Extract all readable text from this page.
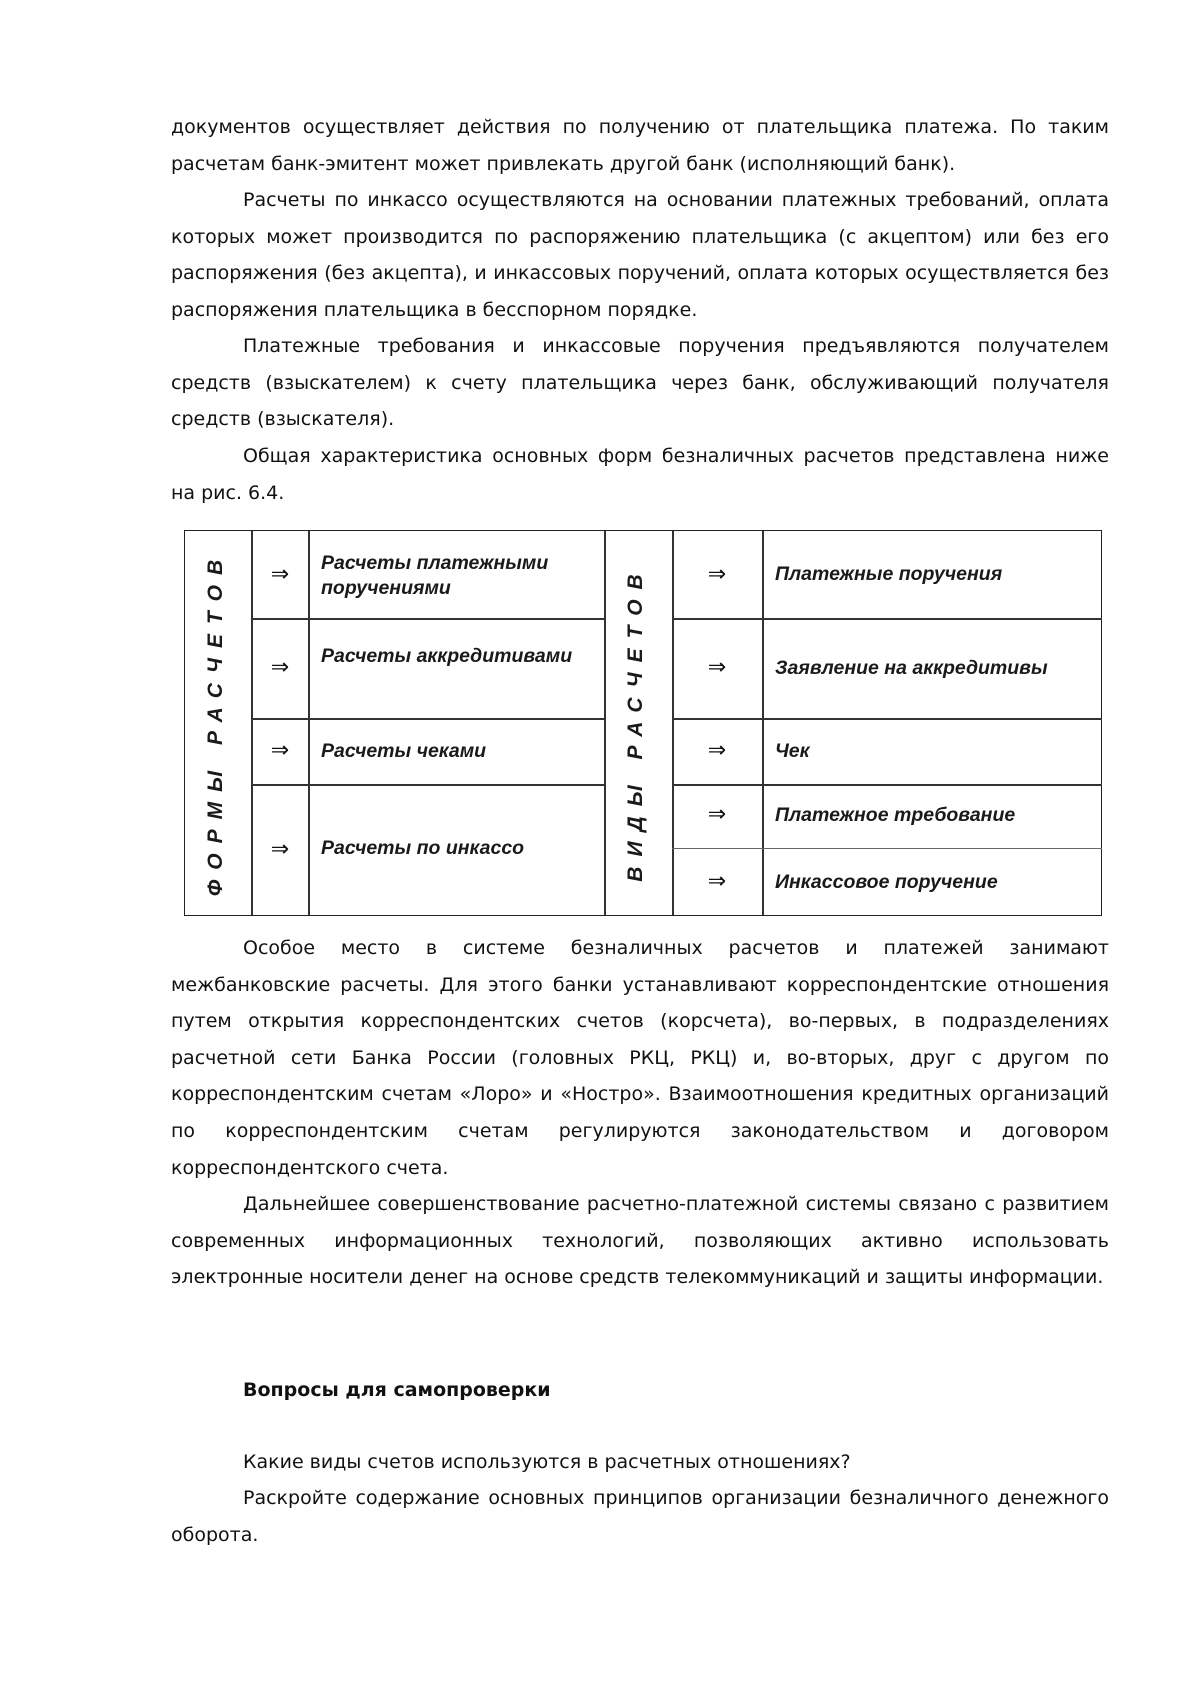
документов осуществляет действия по получению от плательщика платежа. По таким расчетам банк-эмитент может привлекать другой банк (исполняющий банк).

Расчеты по инкассо осуществляются на основании платежных требований, оплата которых может производится по распоряжению плательщика (с акцептом) или без его распоряжения (без акцепта), и инкассовых поручений, оплата которых осуществляется без распоряжения плательщика в бесспорном порядке.

Платежные требования и инкассовые поручения предъявляются получателем средств (взыскателем) к счету плательщика через банк, обслуживающий получателя средств (взыскателя).

Общая характеристика основных форм безналичных расчетов представлена ниже на рис. 6.4.

ФОРМЫ РАСЧЕТОВ	ВИДЫ РАСЧЕТОВ
⇒
⇒
⇒
⇒
Расчеты платежными поручениями
Расчеты аккредитивами
Расчеты чеками
Расчеты по инкассо
⇒
⇒
⇒
⇒
⇒
Платежные поручения
Заявление на аккредитивы
Чек
Платежное требование
Инкассовое поручение

Особое место в системе безналичных расчетов и платежей занимают межбанковские расчеты. Для этого банки устанавливают корреспондентские отношения путем открытия корреспондентских счетов (корсчета), во-первых, в подразделениях расчетной сети Банка России (головных РКЦ, РКЦ) и, во-вторых, друг с другом по корреспондентским счетам «Лоро» и «Ностро». Взаимоотношения кредитных организаций по корреспондентским счетам регулируются законодательством и договором корреспондентского счета.

Дальнейшее совершенствование расчетно-платежной системы связано с развитием современных информационных технологий, позволяющих активно использовать электронные носители денег на основе средств телекоммуникаций и защиты информации.

Вопросы для самопроверки

Какие виды счетов используются в расчетных отношениях?

Раскройте содержание основных принципов организации безналичного денежного оборота.
